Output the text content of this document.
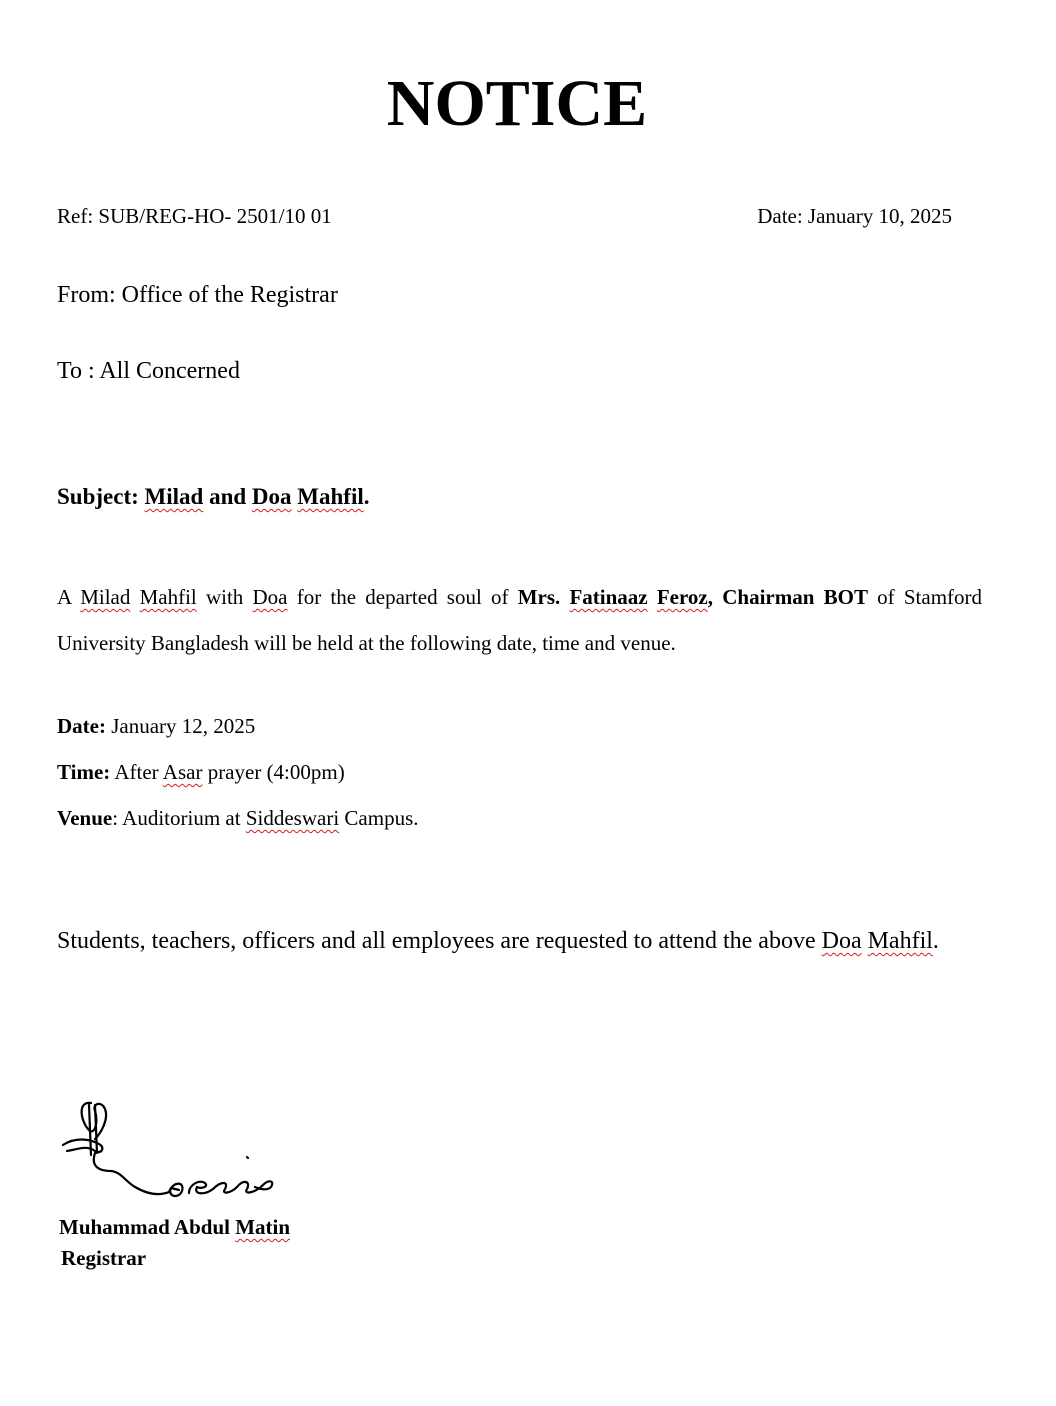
NOTICE
Ref: SUB/REG-HO- 2501/10 01	Date: January 10, 2025
From: Office of the Registrar
To : All Concerned
Subject: Milad and Doa Mahfil.
A Milad Mahfil with Doa for the departed soul of Mrs. Fatinaaz Feroz, Chairman BOT of Stamford University Bangladesh will be held at the following date, time and venue.
Date: January 12, 2025
Time: After Asar prayer (4:00pm)
Venue: Auditorium at Siddeswari Campus.
Students, teachers, officers and all employees are requested to attend the above Doa Mahfil.
Muhammad Abdul Matin
Registrar
